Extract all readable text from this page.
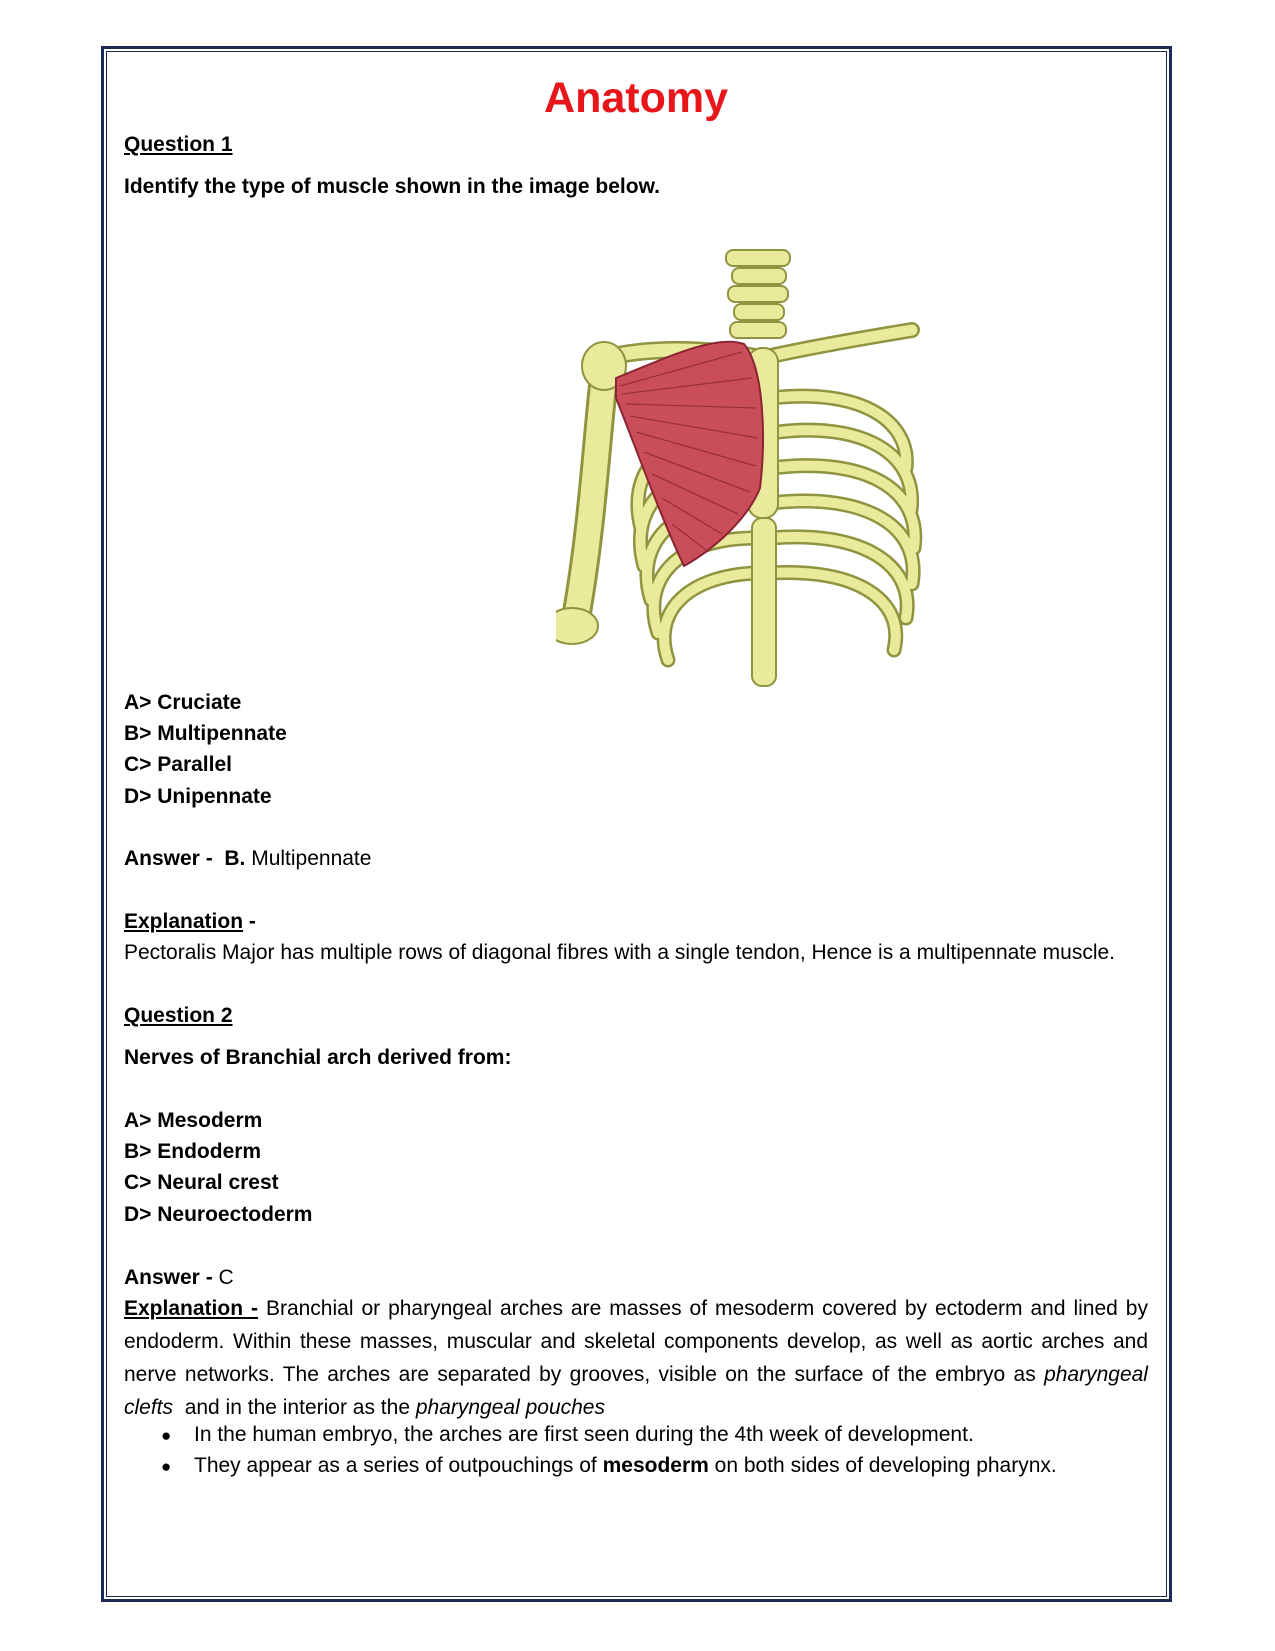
Anatomy
Question 1
Identify the type of muscle shown in the image below.
A> Cruciate
B> Multipennate
C> Parallel
D> Unipennate
Answer - B. Multipennate
Explanation -
Pectoralis Major has multiple rows of diagonal fibres with a single tendon, Hence is a multipennate muscle.
Question 2
Nerves of Branchial arch derived from:
A> Mesoderm
B> Endoderm
C> Neural crest
D> Neuroectoderm
Answer - C
Explanation - Branchial or pharyngeal arches are masses of mesoderm covered by ectoderm and lined by endoderm. Within these masses, muscular and skeletal components develop, as well as aortic arches and nerve networks. The arches are separated by grooves, visible on the surface of the embryo as pharyngeal clefts and in the interior as the pharyngeal pouches
● In the human embryo, the arches are first seen during the 4th week of development.
● They appear as a series of outpouchings of mesoderm on both sides of developing pharynx.
